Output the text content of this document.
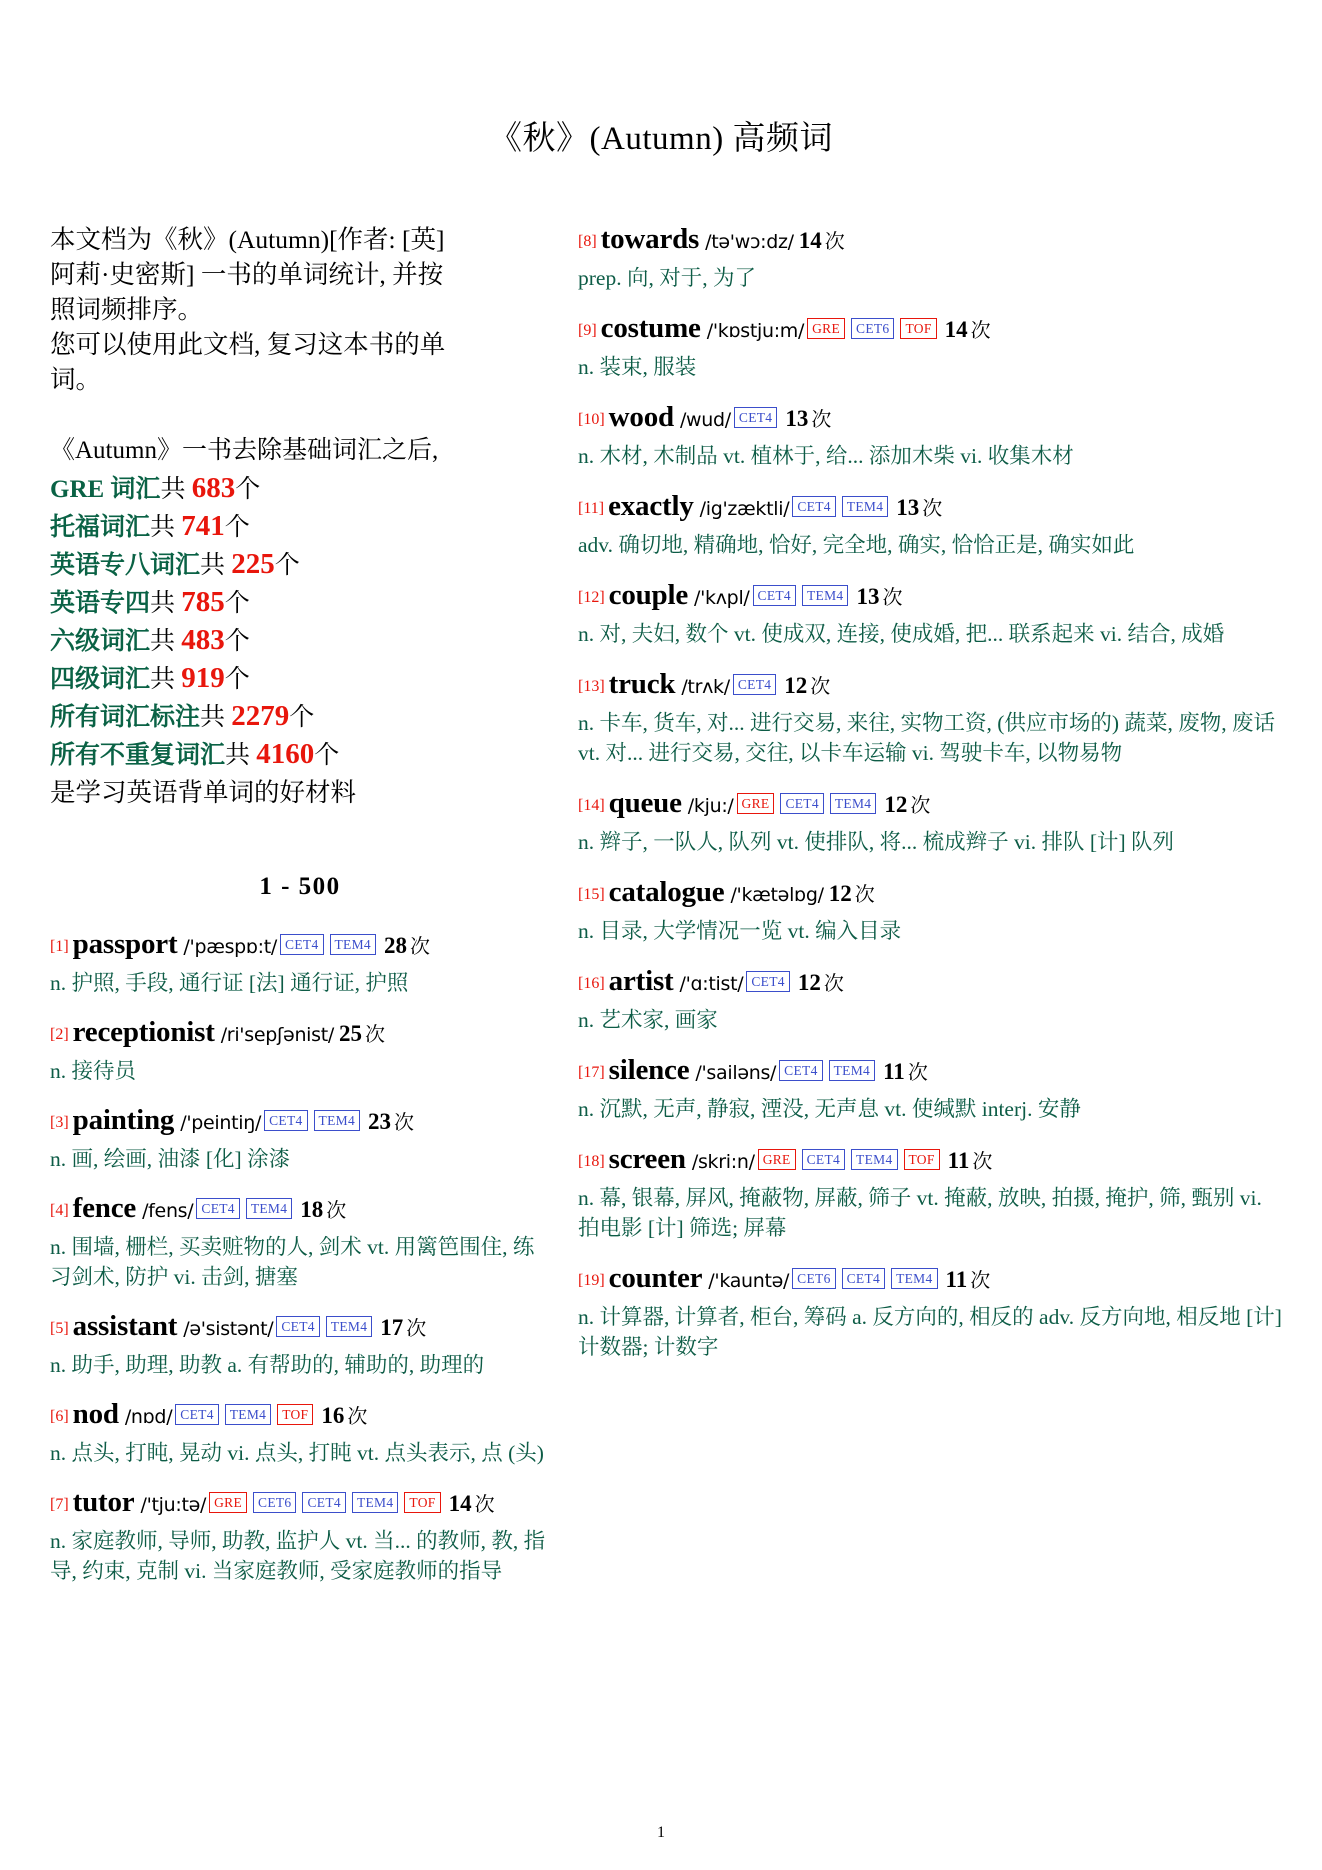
《秋》(Autumn) 高频词
本文档为《秋》(Autumn)[作者: [英]
阿莉·史密斯] 一书的单词统计, 并按
照词频排序。
您可以使用此文档, 复习这本书的单
词。
《Autumn》一书去除基础词汇之后,
GRE 词汇共 683个
托福词汇共 741个
英语专八词汇共 225个
英语专四共 785个
六级词汇共 483个
四级词汇共 919个
所有词汇标注共 2279个
所有不重复词汇共 4160个
是学习英语背单词的好材料
1 - 500
[1] passport /'pæspɒ:t/ CET4 TEM4 28 次
n. 护照, 手段, 通行证 [法] 通行证, 护照
[2] receptionist /ri'sepʃənist/ 25 次
n. 接待员
[3] painting /'peintiŋ/ CET4 TEM4 23 次
n. 画, 绘画, 油漆 [化] 涂漆
[4] fence /fens/ CET4 TEM4 18 次
n. 围墙, 栅栏, 买卖赃物的人, 剑术 vt. 用篱笆围住, 练习剑术, 防护 vi. 击剑, 搪塞
[5] assistant /ə'sistənt/ CET4 TEM4 17 次
n. 助手, 助理, 助教 a. 有帮助的, 辅助的, 助理的
[6] nod /nɒd/ CET4 TEM4 TOF 16 次
n. 点头, 打盹, 晃动 vi. 点头, 打盹 vt. 点头表示, 点 (头)
[7] tutor /'tju:tə/ GRE CET6 CET4 TEM4 TOF 14 次
n. 家庭教师, 导师, 助教, 监护人 vt. 当... 的教师, 教, 指导, 约束, 克制 vi. 当家庭教师, 受家庭教师的指导
[8] towards /tə'wɔ:dz/ 14 次
prep. 向, 对于, 为了
[9] costume /'kɒstju:m/ GRE CET6 TOF 14 次
n. 装束, 服装
[10] wood /wud/ CET4 13 次
n. 木材, 木制品 vt. 植林于, 给... 添加木柴 vi. 收集木材
[11] exactly /ig'zæktli/ CET4 TEM4 13 次
adv. 确切地, 精确地, 恰好, 完全地, 确实, 恰恰正是, 确实如此
[12] couple /'kʌpl/ CET4 TEM4 13 次
n. 对, 夫妇, 数个 vt. 使成双, 连接, 使成婚, 把... 联系起来 vi. 结合, 成婚
[13] truck /trʌk/ CET4 12 次
n. 卡车, 货车, 对... 进行交易, 来往, 实物工资, (供应市场的) 蔬菜, 废物, 废话 vt. 对... 进行交易, 交往, 以卡车运输 vi. 驾驶卡车, 以物易物
[14] queue /kju:/ GRE CET4 TEM4 12 次
n. 辫子, 一队人, 队列 vt. 使排队, 将... 梳成辫子 vi. 排队 [计] 队列
[15] catalogue /'kætəlɒg/ 12 次
n. 目录, 大学情况一览 vt. 编入目录
[16] artist /'ɑ:tist/ CET4 12 次
n. 艺术家, 画家
[17] silence /'sailəns/ CET4 TEM4 11 次
n. 沉默, 无声, 静寂, 湮没, 无声息 vt. 使缄默 interj. 安静
[18] screen /skri:n/ GRE CET4 TEM4 TOF 11 次
n. 幕, 银幕, 屏风, 掩蔽物, 屏蔽, 筛子 vt. 掩蔽, 放映, 拍摄, 掩护, 筛, 甄别 vi. 拍电影 [计] 筛选; 屏幕
[19] counter /'kauntə/ CET6 CET4 TEM4 11 次
n. 计算器, 计算者, 柜台, 筹码 a. 反方向的, 相反的 adv. 反方向地, 相反地 [计] 计数器; 计数字
1
